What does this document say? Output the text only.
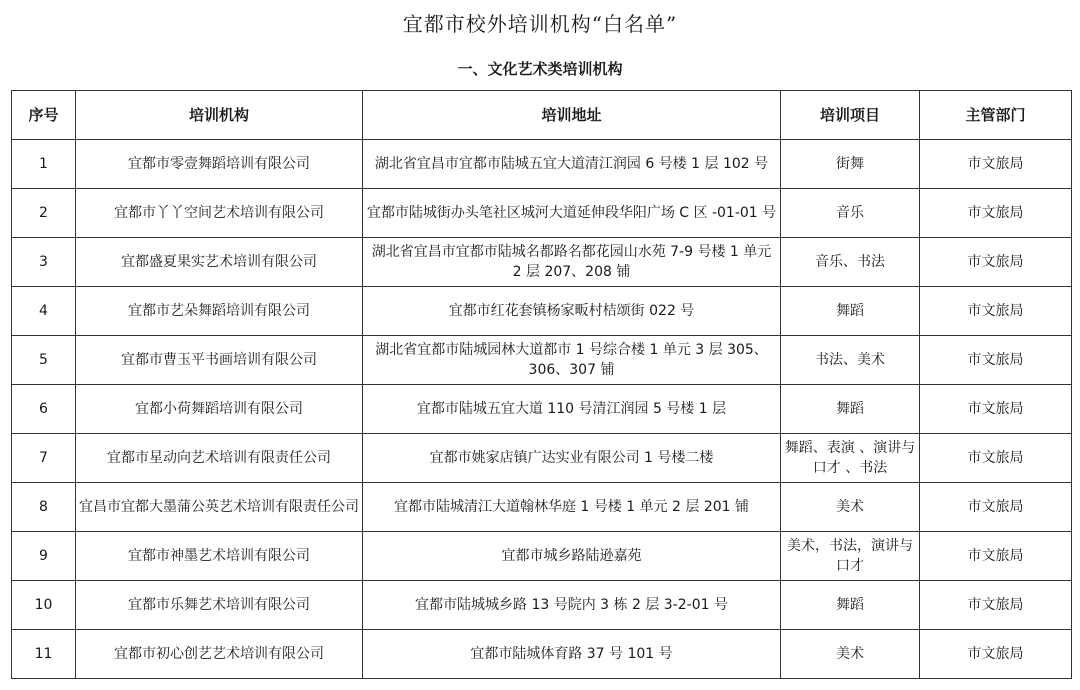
宜都市校外培训机构“白名单”
一、文化艺术类培训机构
序号	培训机构	培训地址	培训项目	主管部门
1	宜都市零壹舞蹈培训有限公司	湖北省宜昌市宜都市陆城五宜大道清江润园 6 号楼 1 层 102 号	街舞	市文旅局
2	宜都市丫丫空间艺术培训有限公司	宜都市陆城街办头笔社区城河大道延伸段华阳广场 C 区 -01-01 号	音乐	市文旅局
3	宜都盛夏果实艺术培训有限公司	湖北省宜昌市宜都市陆城名都路名都花园山水苑 7-9 号楼 1 单元 2 层 207、208 铺	音乐、书法	市文旅局
4	宜都市艺朵舞蹈培训有限公司	宜都市红花套镇杨家畈村桔颂街 022 号	舞蹈	市文旅局
5	宜都市曹玉平书画培训有限公司	湖北省宜都市陆城园林大道都市 1 号综合楼 1 单元 3 层 305、306、307 铺	书法、美术	市文旅局
6	宜都小荷舞蹈培训有限公司	宜都市陆城五宜大道 110 号清江润园 5 号楼 1 层	舞蹈	市文旅局
7	宜都市星动向艺术培训有限责任公司	宜都市姚家店镇广达实业有限公司 1 号楼二楼	舞蹈、表演 、演讲与口才 、书法	市文旅局
8	宜昌市宜都大墨蒲公英艺术培训有限责任公司	宜都市陆城清江大道翰林华庭 1 号楼 1 单元 2 层 201 铺	美术	市文旅局
9	宜都市神墨艺术培训有限公司	宜都市城乡路陆逊嘉苑	美术，书法，演讲与口才	市文旅局
10	宜都市乐舞艺术培训有限公司	宜都市陆城城乡路 13 号院内 3 栋 2 层 3-2-01 号	舞蹈	市文旅局
11	宜都市初心创艺艺术培训有限公司	宜都市陆城体育路 37 号 101 号	美术	市文旅局
